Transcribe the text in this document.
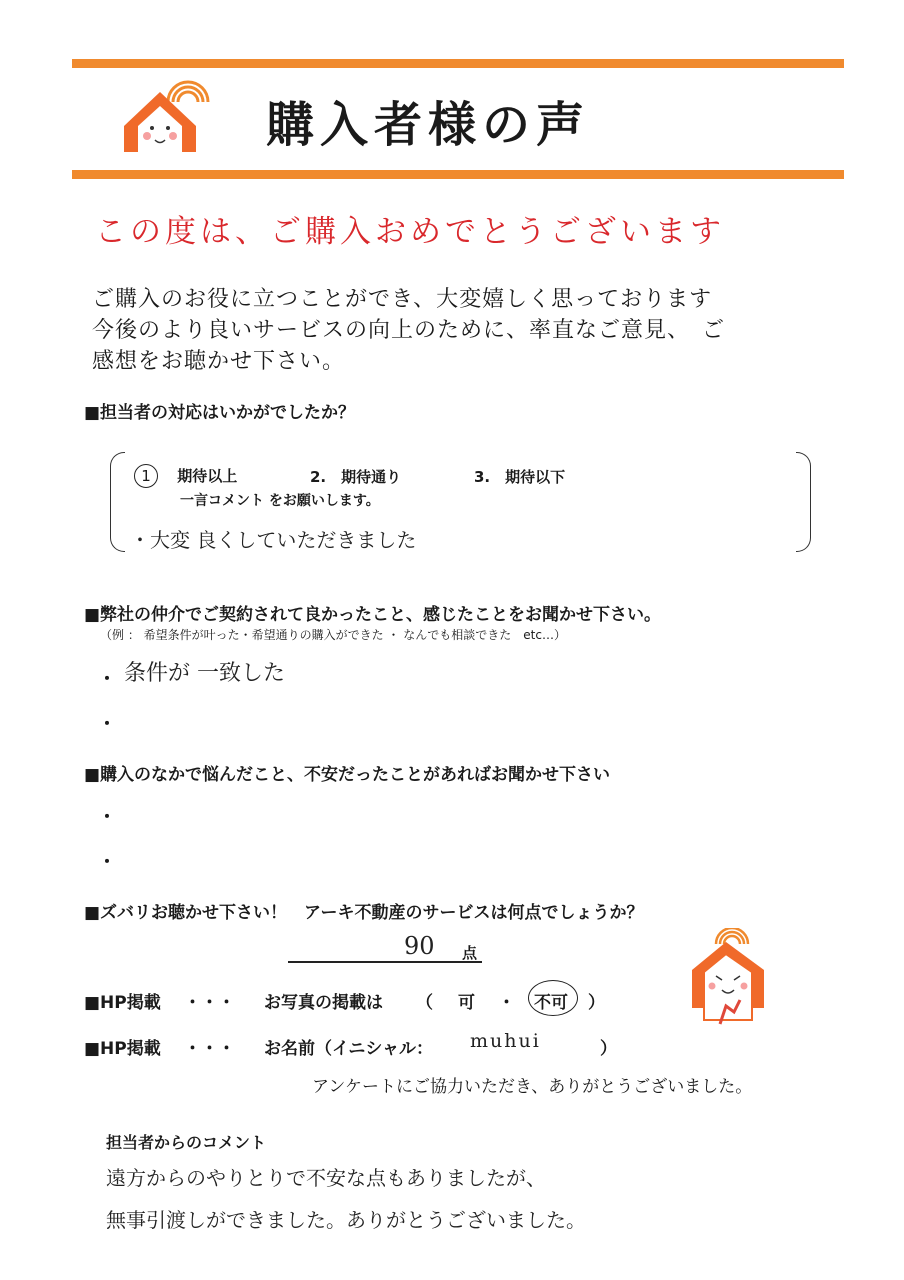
購入者様の声
この度は、ご購入おめでとうございます
ご購入のお役に立つことができ、大変嬉しく思っております
今後のより良いサービスの向上のために、率直なご意見、　ご
感想をお聴かせ下さい。
■担当者の対応はいかがでしたか？
1 期待以上	2.　期待通り	3.　期待以下
一言コメント をお願いします。
・大変 良くしていただきました
■弊社の仲介でご契約されて良かったこと、感じたことをお聞かせ下さい。
（例 ： 希望条件が叶った・希望通りの購入ができた ・ なんでも相談できた　etc…）
・ 条件が 一致した
・
■購入のなかで悩んだこと、不安だったことがあればお聞かせ下さい
・
・
■ズバリお聴かせ下さい！　アーキ不動産のサービスは何点でしょうか？
90 点
■HP掲載 ・・・ お写真の掲載は （ 可 ・ 不可 ）
■HP掲載 ・・・ お名前（イニシャル： muhui	）
アンケートにご協力いただき、ありがとうございました。
担当者からのコメント
遠方からのやりとりで不安な点もありましたが、
無事引渡しができました。ありがとうございました。
